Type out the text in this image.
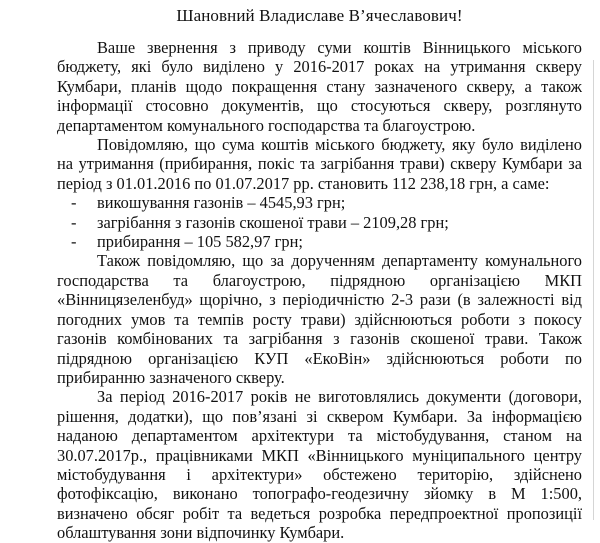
Шановний Владиславе В’ячеславович!

Ваше звернення з приводу суми коштів Вінницького міського бюджету, які було виділено у 2016-2017 роках на утримання скверу Кумбари, планів щодо покращення стану зазначеного скверу, а також інформації стосовно документів, що стосуються скверу, розглянуто департаментом комунального господарства та благоустрою.

Повідомляю, що сума коштів міського бюджету, яку було виділено на утримання (прибирання, покіс та загрібання трави) скверу Кумбари за період з 01.01.2016 по 01.07.2017 рр. становить 112 238,18 грн, а саме:

- викошування газонів – 4545,93 грн;
- загрібання з газонів скошеної трави – 2109,28 грн;
- прибирання – 105 582,97 грн;

Також повідомляю, що за дорученням департаменту комунального господарства та благоустрою, підрядною організацією МКП «Вінницязеленбуд» щорічно, з періодичністю 2-3 рази (в залежності від погодних умов та темпів росту трави) здійснюються роботи з покосу газонів комбінованих та загрібання з газонів скошеної трави. Також підрядною організацією КУП «ЕкоВін» здійснюються роботи по прибиранню зазначеного скверу.

За період 2016-2017 років не виготовлялись документи (договори, рішення, додатки), що пов’язані зі сквером Кумбари. За інформацією наданою департаментом архітектури та містобудування, станом на 30.07.2017р., працівниками МКП «Вінницького муніципального центру містобудування і архітектури» обстежено територію, здійснено фотофіксацію, виконано топографо-геодезичну зйомку в М 1:500, визначено обсяг робіт та ведеться розробка передпроектної пропозиції облаштування зони відпочинку Кумбари.
